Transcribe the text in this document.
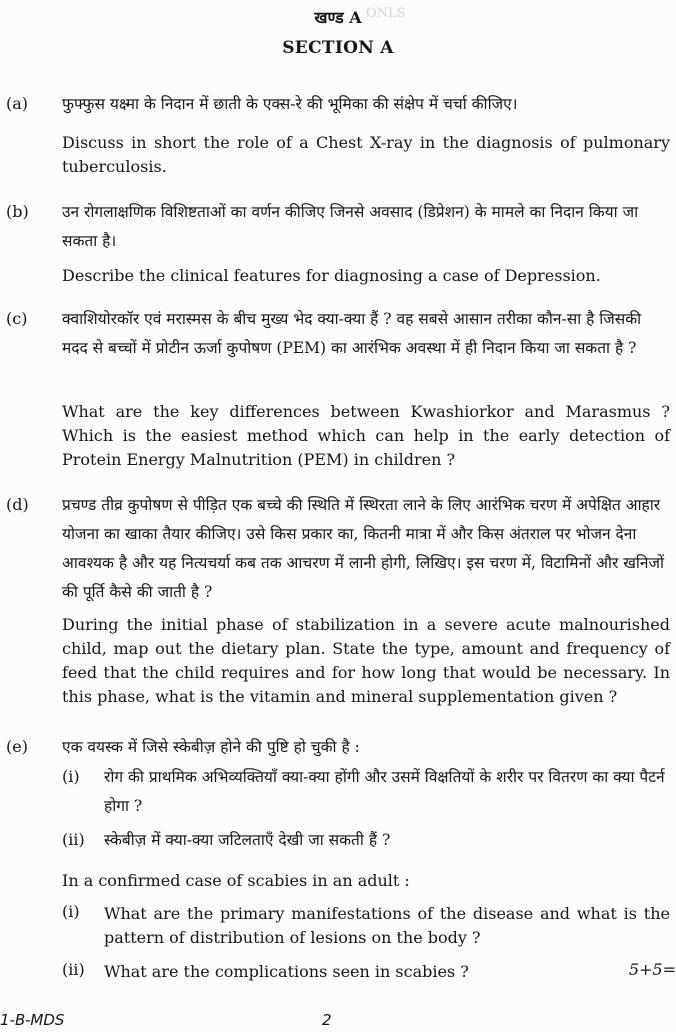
ONLS
खण्ड A
SECTION A
(a) फुफ्फुस यक्ष्मा के निदान में छाती के एक्स-रे की भूमिका की संक्षेप में चर्चा कीजिए।
Discuss in short the role of a Chest X-ray in the diagnosis of pulmonary tuberculosis.
(b) उन रोगलाक्षणिक विशिष्टताओं का वर्णन कीजिए जिनसे अवसाद (डिप्रेशन) के मामले का निदान किया जा सकता है।
Describe the clinical features for diagnosing a case of Depression.
(c) क्वाशियोरकॉर एवं मरास्मस के बीच मुख्य भेद क्या-क्या हैं ? वह सबसे आसान तरीका कौन-सा है जिसकी मदद से बच्चों में प्रोटीन ऊर्जा कुपोषण (PEM) का आरंभिक अवस्था में ही निदान किया जा सकता है ?
What are the key differences between Kwashiorkor and Marasmus ? Which is the easiest method which can help in the early detection of Protein Energy Malnutrition (PEM) in children ?
(d) प्रचण्ड तीव्र कुपोषण से पीड़ित एक बच्चे की स्थिति में स्थिरता लाने के लिए आरंभिक चरण में अपेक्षित आहार योजना का खाका तैयार कीजिए। उसे किस प्रकार का, कितनी मात्रा में और किस अंतराल पर भोजन देना आवश्यक है और यह नित्यचर्या कब तक आचरण में लानी होगी, लिखिए। इस चरण में, विटामिनों और खनिजों की पूर्ति कैसे की जाती है ?
During the initial phase of stabilization in a severe acute malnourished child, map out the dietary plan. State the type, amount and frequency of feed that the child requires and for how long that would be necessary. In this phase, what is the vitamin and mineral supplementation given ?
(e) एक वयस्क में जिसे स्केबीज़ होने की पुष्टि हो चुकी है :
(i) रोग की प्राथमिक अभिव्यक्तियाँ क्या-क्या होंगी और उसमें विक्षतियों के शरीर पर वितरण का क्या पैटर्न होगा ?
(ii) स्केबीज़ में क्या-क्या जटिलताएँ देखी जा सकती हैं ?
In a confirmed case of scabies in an adult :
(i) What are the primary manifestations of the disease and what is the pattern of distribution of lesions on the body ?
(ii) What are the complications seen in scabies ?	5+5=
1-B-MDS	2
